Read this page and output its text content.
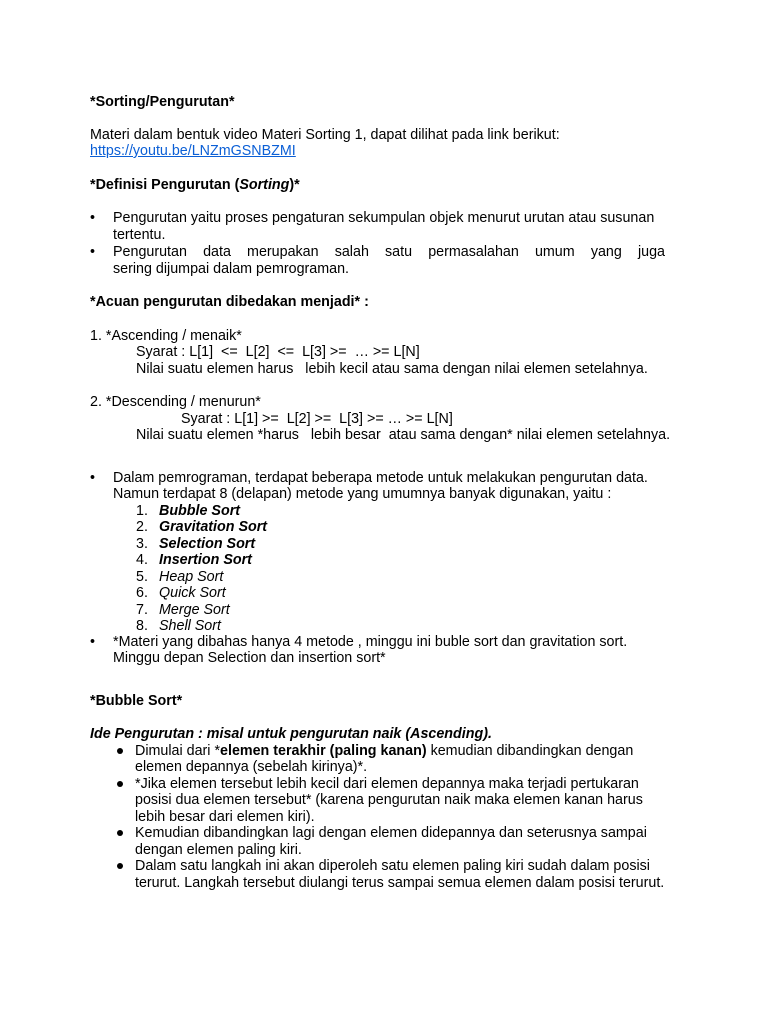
*Sorting/Pengurutan*

Materi dalam bentuk video Materi Sorting 1, dapat dilihat pada link berikut:

https://youtu.be/LNZmGSNBZMI

*Definisi Pengurutan (Sorting)*

• Pengurutan yaitu proses pengaturan sekumpulan objek menurut urutan atau susunan tertentu.
• Pengurutan data merupakan salah satu permasalahan umum yang juga
sering dijumpai dalam pemrograman.

*Acuan pengurutan dibedakan menjadi* :

1. *Ascending / menaik*

Syarat : L[1]  <=  L[2]  <=  L[3] >=  … >= L[N]

Nilai suatu elemen harus   lebih kecil atau sama dengan nilai elemen setelahnya.

2. *Descending / menurun*

Syarat : L[1] >=  L[2] >=  L[3] >= … >= L[N]

Nilai suatu elemen *harus   lebih besar  atau sama dengan* nilai elemen setelahnya.

• Dalam pemrograman, terdapat beberapa metode untuk melakukan pengurutan data.
Namun terdapat 8 (delapan) metode yang umumnya banyak digunakan, yaitu :
1. Bubble Sort
2. Gravitation Sort
3. Selection Sort
4. Insertion Sort
5. Heap Sort
6. Quick Sort
7. Merge Sort
8. Shell Sort
• *Materi yang dibahas hanya 4 metode , minggu ini buble sort dan gravitation sort. Minggu depan Selection dan insertion sort*

*Bubble Sort*

Ide Pengurutan : misal untuk pengurutan naik (Ascending).

Dimulai dari *elemen terakhir (paling kanan) kemudian dibandingkan dengan elemen depannya (sebelah kirinya)*.
*Jika elemen tersebut lebih kecil dari elemen depannya maka terjadi pertukaran posisi dua elemen tersebut* (karena pengurutan naik maka elemen kanan harus lebih besar dari elemen kiri).
Kemudian dibandingkan lagi dengan elemen didepannya dan seterusnya sampai dengan elemen paling kiri.
Dalam satu langkah ini akan diperoleh satu elemen paling kiri sudah dalam posisi terurut. Langkah tersebut diulangi terus sampai semua elemen dalam posisi terurut.
